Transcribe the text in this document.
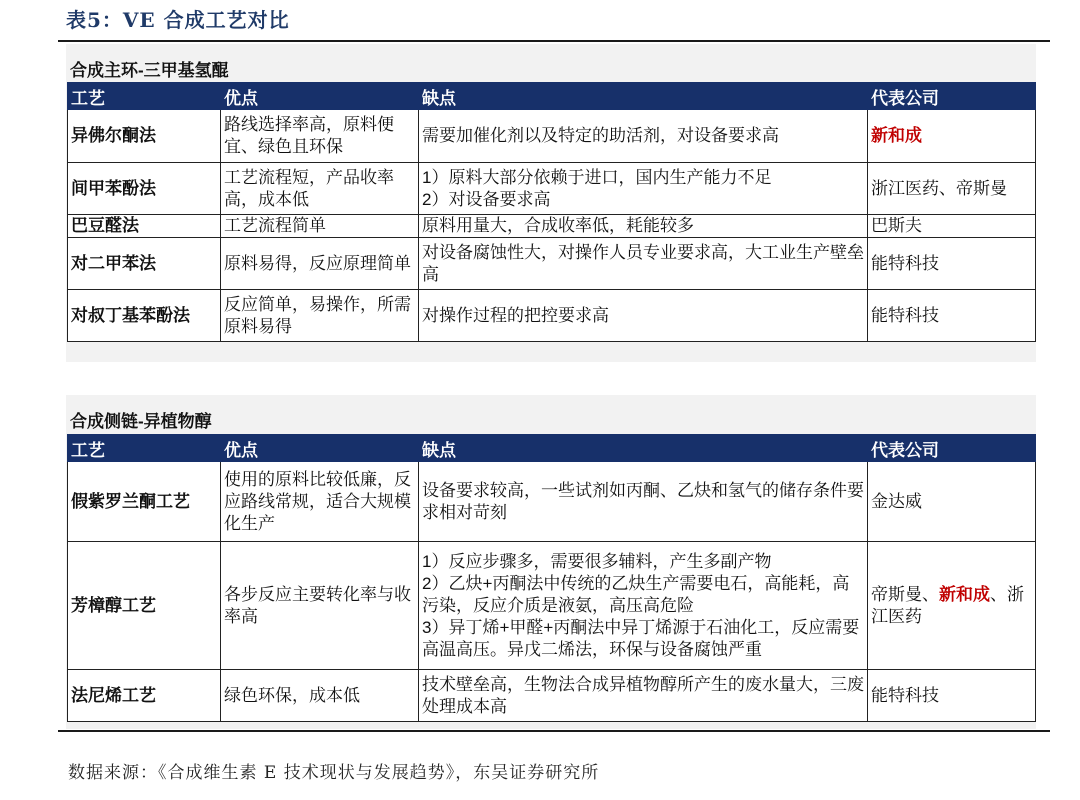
表5：VE 合成工艺对比
合成主环-三甲基氢醌
工艺	优点	缺点	代表公司
异佛尔酮法	路线选择率高，原料便宜、绿色且环保	需要加催化剂以及特定的助活剂，对设备要求高	新和成
间甲苯酚法	工艺流程短，产品收率高，成本低	1）原料大部分依赖于进口，国内生产能力不足
2）对设备要求高	浙江医药、帝斯曼
巴豆醛法	工艺流程简单	原料用量大，合成收率低，耗能较多	巴斯夫
对二甲苯法	原料易得，反应原理简单	对设备腐蚀性大，对操作人员专业要求高，大工业生产壁垒高	能特科技
对叔丁基苯酚法	反应简单，易操作，所需原料易得	对操作过程的把控要求高	能特科技
合成侧链-异植物醇
工艺	优点	缺点	代表公司
假紫罗兰酮工艺	使用的原料比较低廉，反应路线常规，适合大规模化生产	设备要求较高，一些试剂如丙酮、乙炔和氢气的储存条件要求相对苛刻	金达威
芳樟醇工艺	各步反应主要转化率与收率高	1）反应步骤多，需要很多辅料，产生多副产物
2）乙炔+丙酮法中传统的乙炔生产需要电石，高能耗，高污染，反应介质是液氨，高压高危险
3）异丁烯+甲醛+丙酮法中异丁烯源于石油化工，反应需要高温高压。异戊二烯法，环保与设备腐蚀严重	帝斯曼、新和成、浙江医药
法尼烯工艺	绿色环保，成本低	技术壁垒高，生物法合成异植物醇所产生的废水量大，三废处理成本高	能特科技
数据来源：《合成维生素 E 技术现状与发展趋势》，东吴证券研究所
